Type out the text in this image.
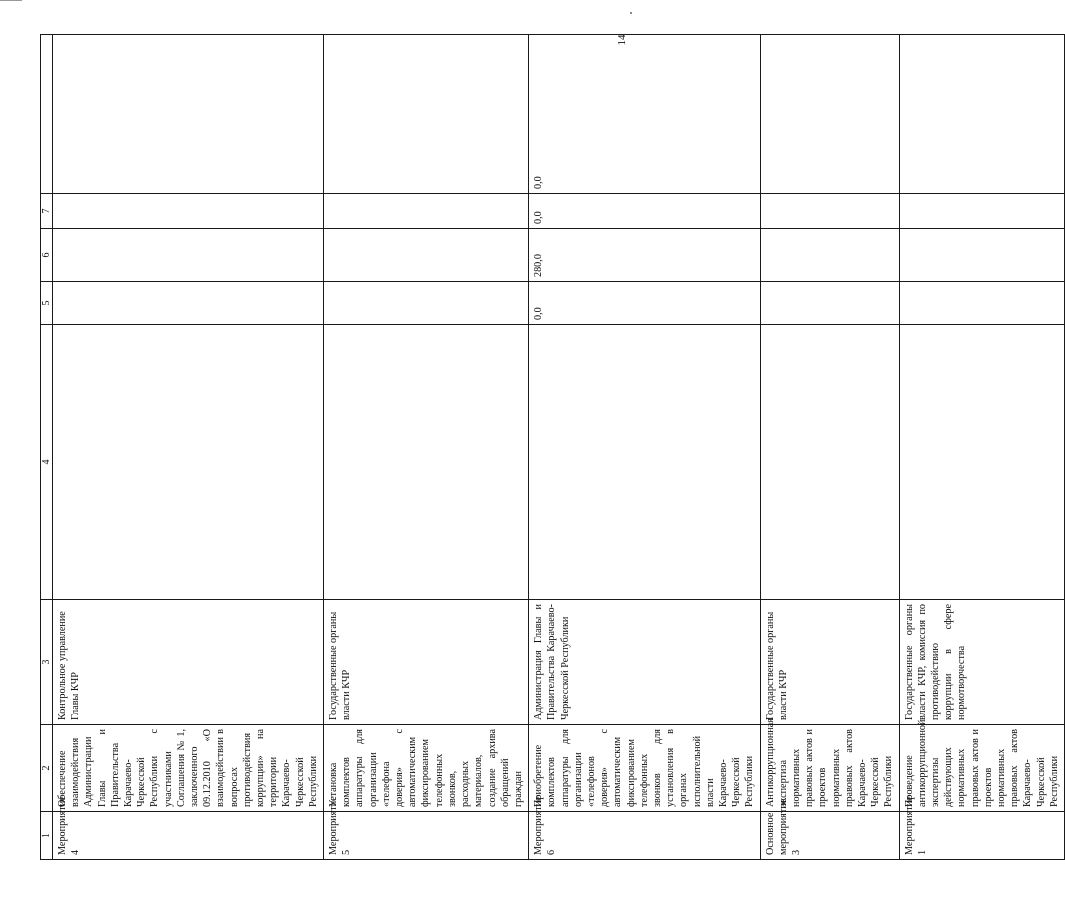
14
1	2	3	4	5	6	7	
Мероприятие 4	Обеспечение взаимодействия Администрации Главы и Правительства Карачаево-Черкесской Республики с участниками Соглашения № 1, заключенного 09.12.2010 «О взаимодействии в вопросах противодействия коррупции» на территории Карачаево-Черкесской Республики	Контрольное управление Главы КЧР					
Мероприятие 5	Установка комплектов аппаратуры для организации «телефона доверия» с автоматическим фиксированием телефонных звонков, расходных материалов, создание архива обращений граждан	Государственные органы власти КЧР					
Мероприятие 6	Приобретение комплектов аппаратуры для организации «телефонов доверия» с автоматическим фиксированием телефонных звонков для установления в органах исполнительной власти Карачаево-Черкесской Республики	Администрация Главы и Правительства Карачаево-Черкесской Республики		0,0	280,0	0,0	0,0
Основное мероприятие 3	Антикоррупционная экспертиза нормативных правовых актов и проектов нормативных правовых актов Карачаево-Черкесской Республики	Государственные органы власти КЧР					
Мероприятие 1	Проведение антикоррупционной экспертизы действующих нормативных правовых актов и проектов нормативных правовых актов Карачаево-Черкесской Республики	Государственные органы власти КЧР, комиссия по противодействию коррупции в сфере нормотворчества					
